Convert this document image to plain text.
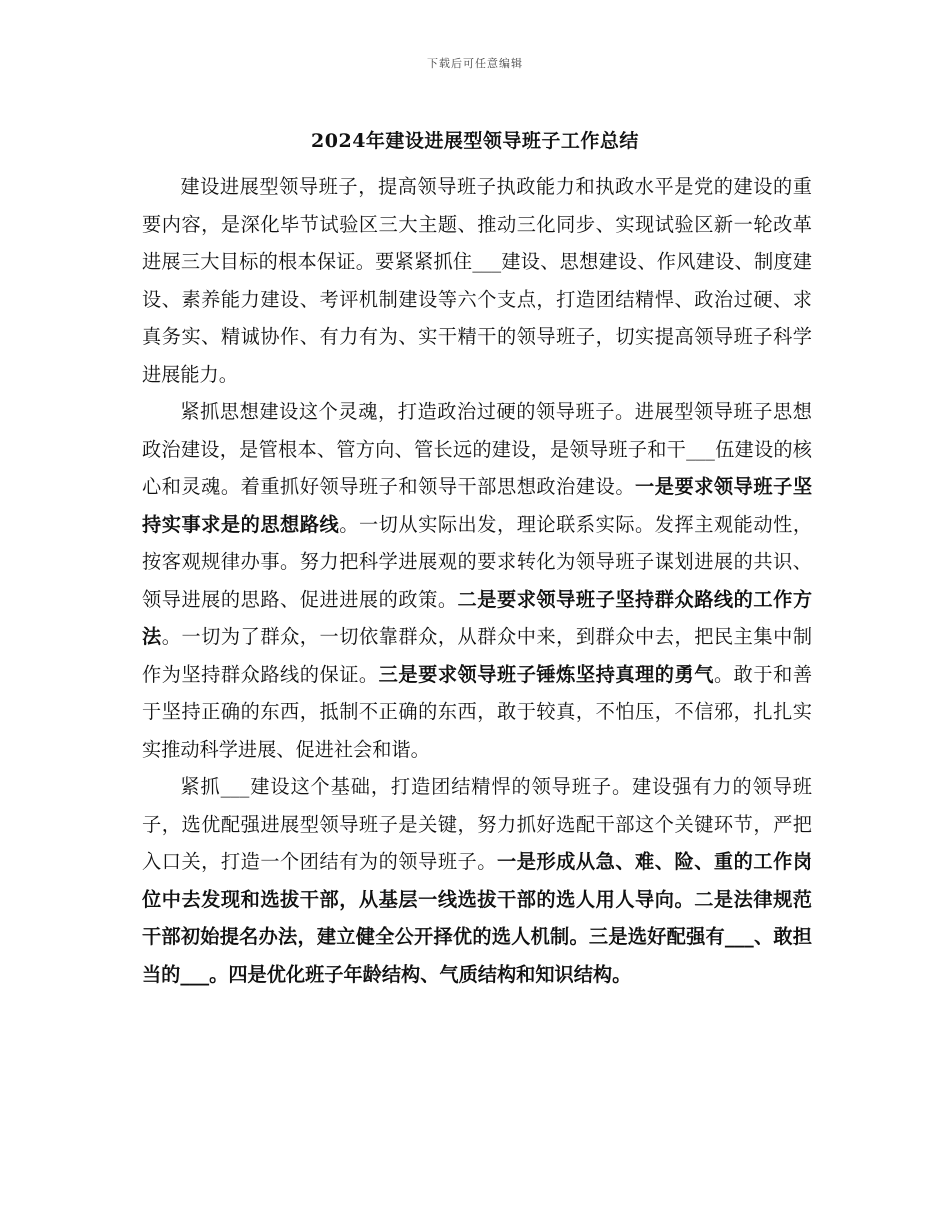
下载后可任意编辑
2024年建设进展型领导班子工作总结

建设进展型领导班子，提高领导班子执政能力和执政水平是党的建设的重要内容，是深化毕节试验区三大主题、推动三化同步、实现试验区新一轮改革进展三大目标的根本保证。要紧紧抓住___建设、思想建设、作风建设、制度建设、素养能力建设、考评机制建设等六个支点，打造团结精悍、政治过硬、求真务实、精诚协作、有力有为、实干精干的领导班子，切实提高领导班子科学进展能力。

紧抓思想建设这个灵魂，打造政治过硬的领导班子。进展型领导班子思想政治建设，是管根本、管方向、管长远的建设，是领导班子和干___伍建设的核心和灵魂。着重抓好领导班子和领导干部思想政治建设。一是要求领导班子坚持实事求是的思想路线。一切从实际出发，理论联系实际。发挥主观能动性，按客观规律办事。努力把科学进展观的要求转化为领导班子谋划进展的共识、领导进展的思路、促进进展的政策。二是要求领导班子坚持群众路线的工作方法。一切为了群众，一切依靠群众，从群众中来，到群众中去，把民主集中制作为坚持群众路线的保证。三是要求领导班子锤炼坚持真理的勇气。敢于和善于坚持正确的东西，抵制不正确的东西，敢于较真，不怕压，不信邪，扎扎实实推动科学进展、促进社会和谐。

紧抓___建设这个基础，打造团结精悍的领导班子。建设强有力的领导班子，选优配强进展型领导班子是关键，努力抓好选配干部这个关键环节，严把入口关，打造一个团结有为的领导班子。一是形成从急、难、险、重的工作岗位中去发现和选拔干部，从基层一线选拔干部的选人用人导向。二是法律规范干部初始提名办法，建立健全公开择优的选人机制。三是选好配强有___、敢担当的___。四是优化班子年龄结构、气质结构和知识结构。
